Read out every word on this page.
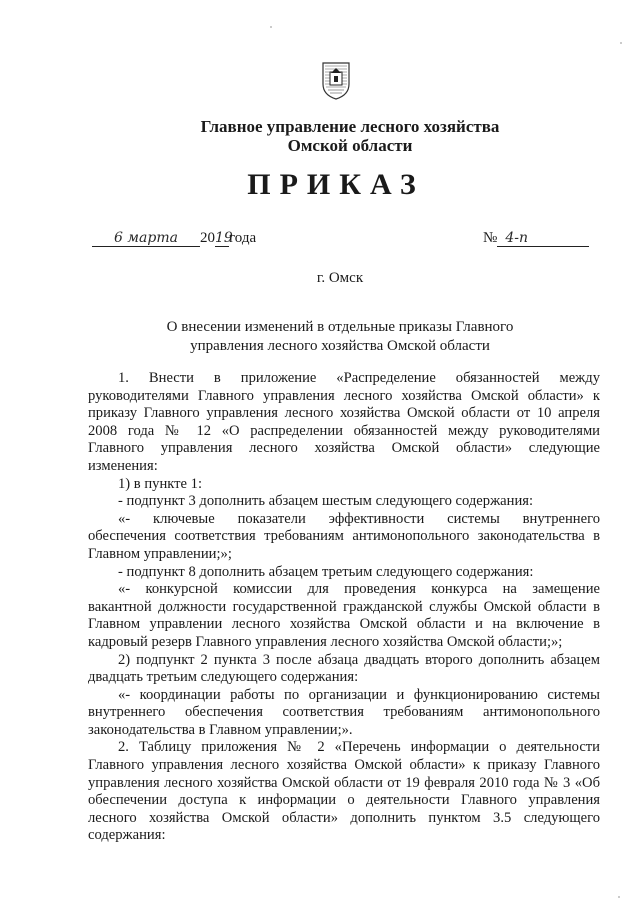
Главное управление лесного хозяйства
Омской области
ПРИКАЗ
6 марта 2019года	№ 4-п
г. Омск
О внесении изменений в отдельные приказы Главного
управления лесного хозяйства Омской области
1. Внести в приложение «Распределение обязанностей между
руководителями Главного управления лесного хозяйства Омской области» к
приказу Главного управления лесного хозяйства Омской области от 10 апреля
2008 года № 12 «О распределении обязанностей между руководителями
Главного управления лесного хозяйства Омской области» следующие
изменения:
1) в пункте 1:
- подпункт 3 дополнить абзацем шестым следующего содержания:
«- ключевые показатели эффективности системы внутреннего
обеспечения соответствия требованиям антимонопольного законодательства в
Главном управлении;»;
- подпункт 8 дополнить абзацем третьим следующего содержания:
«- конкурсной комиссии для проведения конкурса на замещение
вакантной должности государственной гражданской службы Омской области в
Главном управлении лесного хозяйства Омской области и на включение в
кадровый резерв Главного управления лесного хозяйства Омской области;»;
2) подпункт 2 пункта 3 после абзаца двадцать второго дополнить абзацем
двадцать третьим следующего содержания:
«- координации работы по организации и функционированию системы
внутреннего обеспечения соответствия требованиям антимонопольного
законодательства в Главном управлении;».
2. Таблицу приложения № 2 «Перечень информации о деятельности
Главного управления лесного хозяйства Омской области» к приказу Главного
управления лесного хозяйства Омской области от 19 февраля 2010 года № 3 «Об
обеспечении доступа к информации о деятельности Главного управления
лесного хозяйства Омской области» дополнить пунктом 3.5 следующего
содержания:
